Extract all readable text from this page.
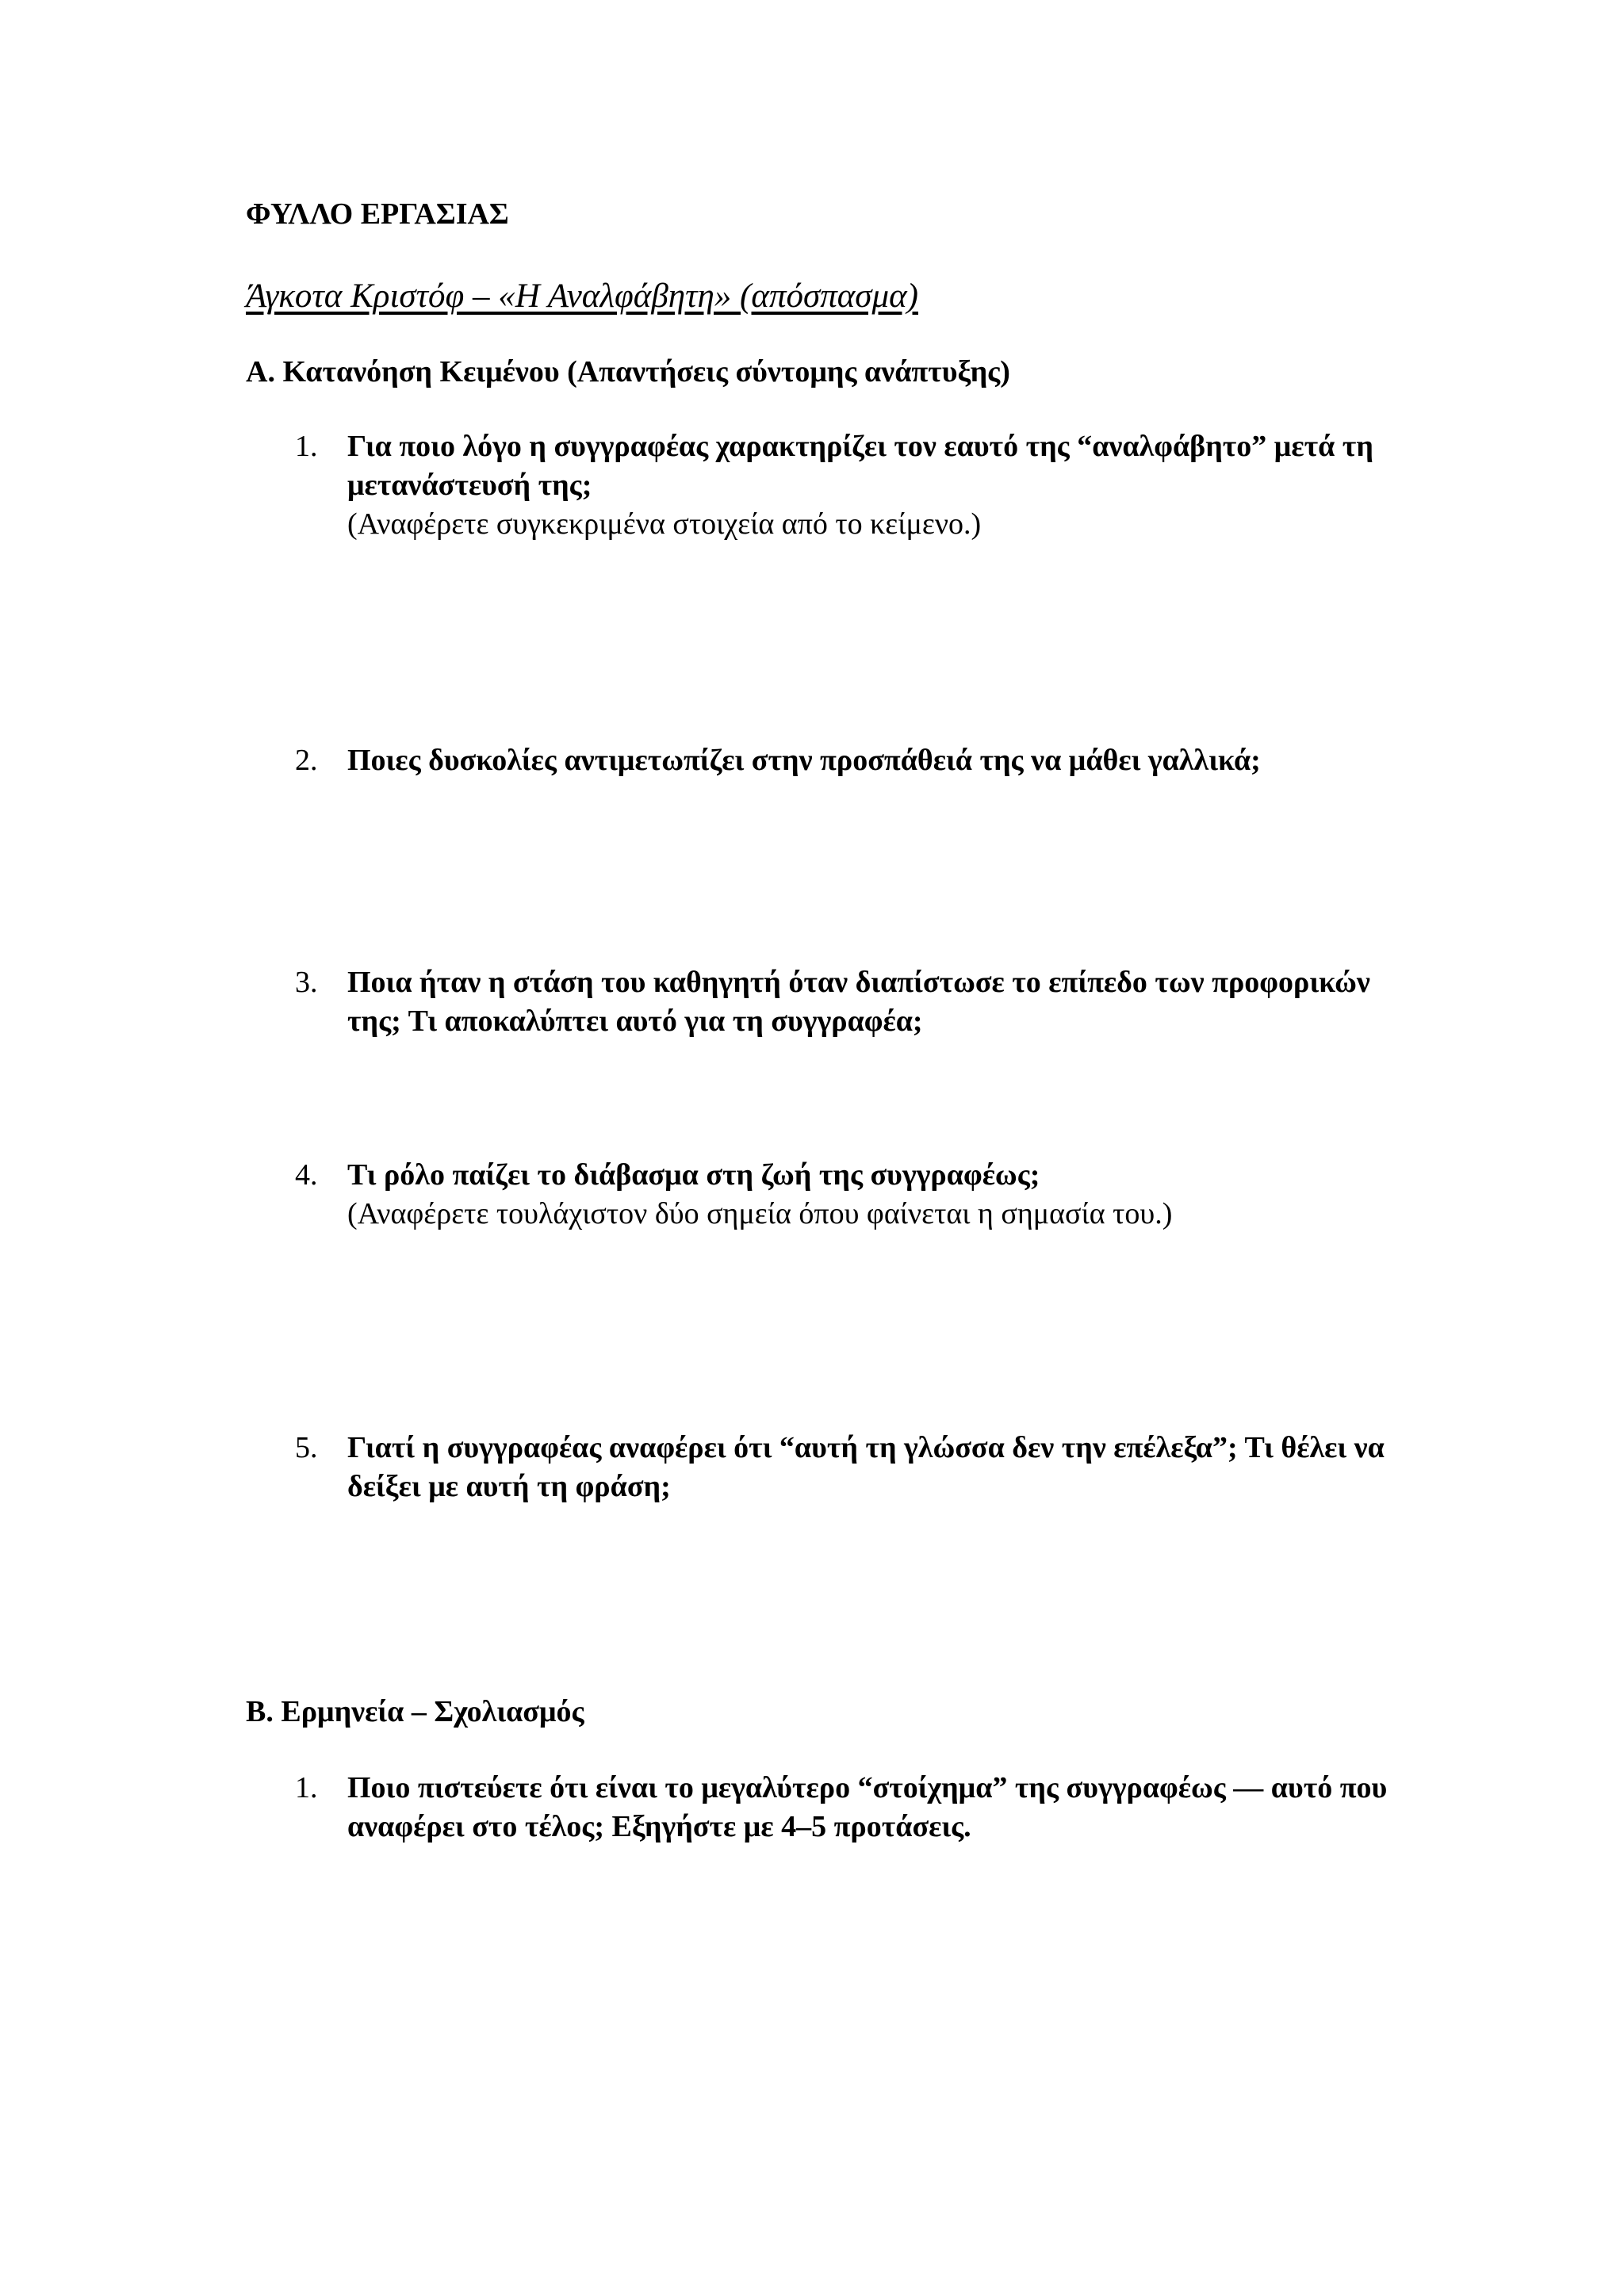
ΦΥΛΛΟ ΕΡΓΑΣΙΑΣ
Άγκοτα Κριστόφ – «Η Αναλφάβητη» (απόσπασμα)
Α. Κατανόηση Κειμένου (Απαντήσεις σύντομης ανάπτυξης)
1. Για ποιο λόγο η συγγραφέας χαρακτηρίζει τον εαυτό της “αναλφάβητο” μετά τη μετανάστευσή της;
(Αναφέρετε συγκεκριμένα στοιχεία από το κείμενο.)
2. Ποιες δυσκολίες αντιμετωπίζει στην προσπάθειά της να μάθει γαλλικά;
3. Ποια ήταν η στάση του καθηγητή όταν διαπίστωσε το επίπεδο των προφορικών της; Τι αποκαλύπτει αυτό για τη συγγραφέα;
4. Τι ρόλο παίζει το διάβασμα στη ζωή της συγγραφέως;
(Αναφέρετε τουλάχιστον δύο σημεία όπου φαίνεται η σημασία του.)
5. Γιατί η συγγραφέας αναφέρει ότι “αυτή τη γλώσσα δεν την επέλεξα”; Τι θέλει να δείξει με αυτή τη φράση;
Β. Ερμηνεία – Σχολιασμός
1. Ποιο πιστεύετε ότι είναι το μεγαλύτερο “στοίχημα” της συγγραφέως — αυτό που αναφέρει στο τέλος; Εξηγήστε με 4–5 προτάσεις.
